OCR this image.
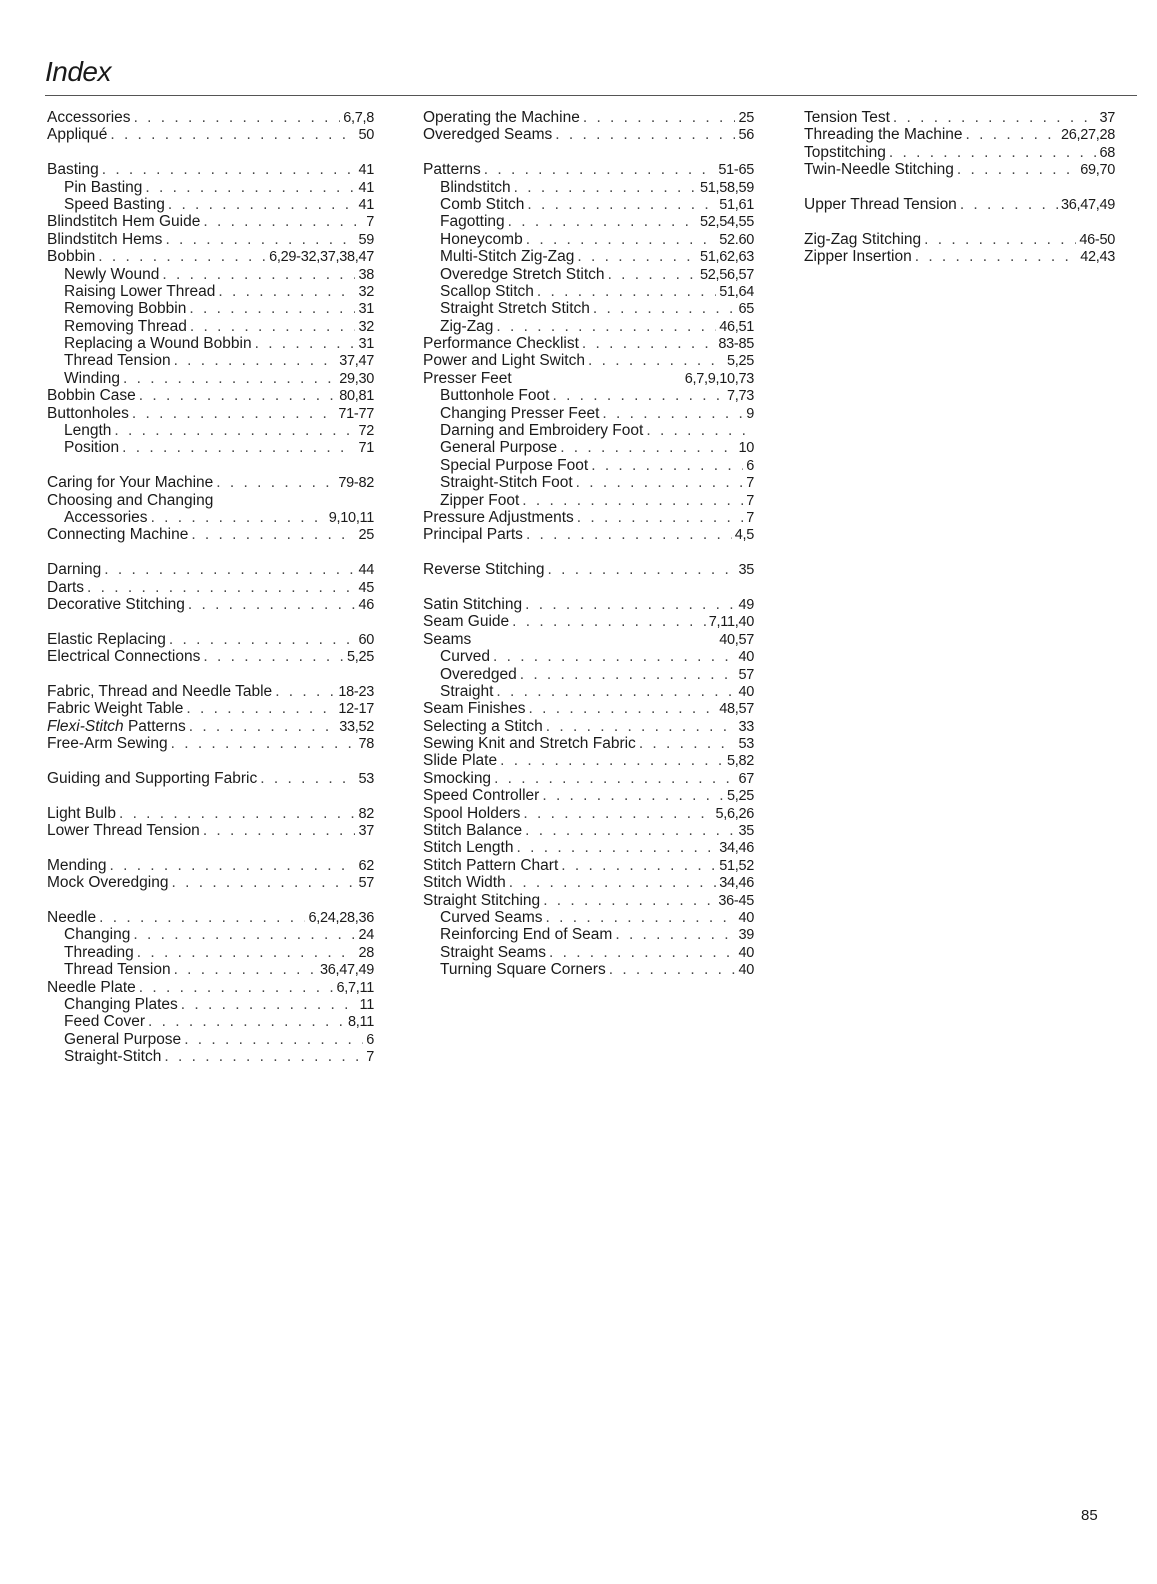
Index
Accessories . . .	6,7,8
Appliqué . . .	50
Basting . . .	41
Pin Basting . . .	41
Speed Basting . . .	41
Blindstitch Hem Guide . . .	7
Blindstitch Hems . . .	59
Bobbin . . .	6,29-32,37,38,47
Newly Wound . . .	38
Raising Lower Thread . . .	32
Removing Bobbin . . .	31
Removing Thread . . .	32
Replacing a Wound Bobbin . . .	31
Thread Tension . . .	37,47
Winding . . .	29,30
Bobbin Case . . .	80,81
Buttonholes . . .	71-77
Length . . .	72
Position . . .	71
Caring for Your Machine . . .	79-82
Choosing and Changing
Accessories . . .	9,10,11
Connecting Machine . . .	25
Darning . . .	44
Darts . . .	45
Decorative Stitching . . .	46
Elastic Replacing . . .	60
Electrical Connections . . .	5,25
Fabric, Thread and Needle Table . . .	18-23
Fabric Weight Table . . .	12-17
Flexi-Stitch Patterns . . .	33,52
Free-Arm Sewing . . .	78
Guiding and Supporting Fabric . . .	53
Light Bulb . . .	82
Lower Thread Tension . . .	37
Mending . . .	62
Mock Overedging . . .	57
Needle . . .	6,24,28,36
Changing . . .	24
Threading . . .	28
Thread Tension . . .	36,47,49
Needle Plate . . .	6,7,11
Changing Plates . . .	11
Feed Cover . . .	8,11
General Purpose . . .	6
Straight-Stitch . . .	7
Operating the Machine . . .	25
Overedged Seams . . .	56
Patterns . . .	51-65
Blindstitch . . .	51,58,59
Comb Stitch . . .	51,61
Fagotting . . .	52,54,55
Honeycomb . . .	52.60
Multi-Stitch Zig-Zag . . .	51,62,63
Overedge Stretch Stitch . . .	52,56,57
Scallop Stitch . . .	51,64
Straight Stretch Stitch . . .	65
Zig-Zag . . .	46,51
Performance Checklist . . .	83-85
Power and Light Switch . . .	5,25
Presser Feet	6,7,9,10,73
Buttonhole Foot . . .	7,73
Changing Presser Feet . . .	9
Darning and Embroidery Foot
. . .
General Purpose . . .	10
Special Purpose Foot . . .	6
Straight-Stitch Foot . . .	7
Zipper Foot . . .	7
Pressure Adjustments . . .	7
Principal Parts . . .	4,5
Reverse Stitching . . .	35
Satin Stitching . . .	49
Seam Guide . . .	7,11,40
Seams	40,57
Curved . . .	40
Overedged . . .	57
Straight . . .	40
Seam Finishes . . .	48,57
Selecting a Stitch . . .	33
Sewing Knit and Stretch Fabric . . .	53
Slide Plate . . .	5,82
Smocking . . .	67
Speed Controller . . .	5,25
Spool Holders . . .	5,6,26
Stitch Balance . . .	35
Stitch Length . . .	34,46
Stitch Pattern Chart . . .	51,52
Stitch Width . . .	34,46
Straight Stitching . . .	36-45
Curved Seams . . .	40
Reinforcing End of Seam . . .	39
Straight Seams . . .	40
Turning Square Corners . . .	40
Tension Test . . .	37
Threading the Machine . . .	26,27,28
Topstitching . . .	68
Twin-Needle Stitching . . .	69,70
Upper Thread Tension . . .	36,47,49
Zig-Zag Stitching . . .	46-50
Zipper Insertion . . .	42,43
85
